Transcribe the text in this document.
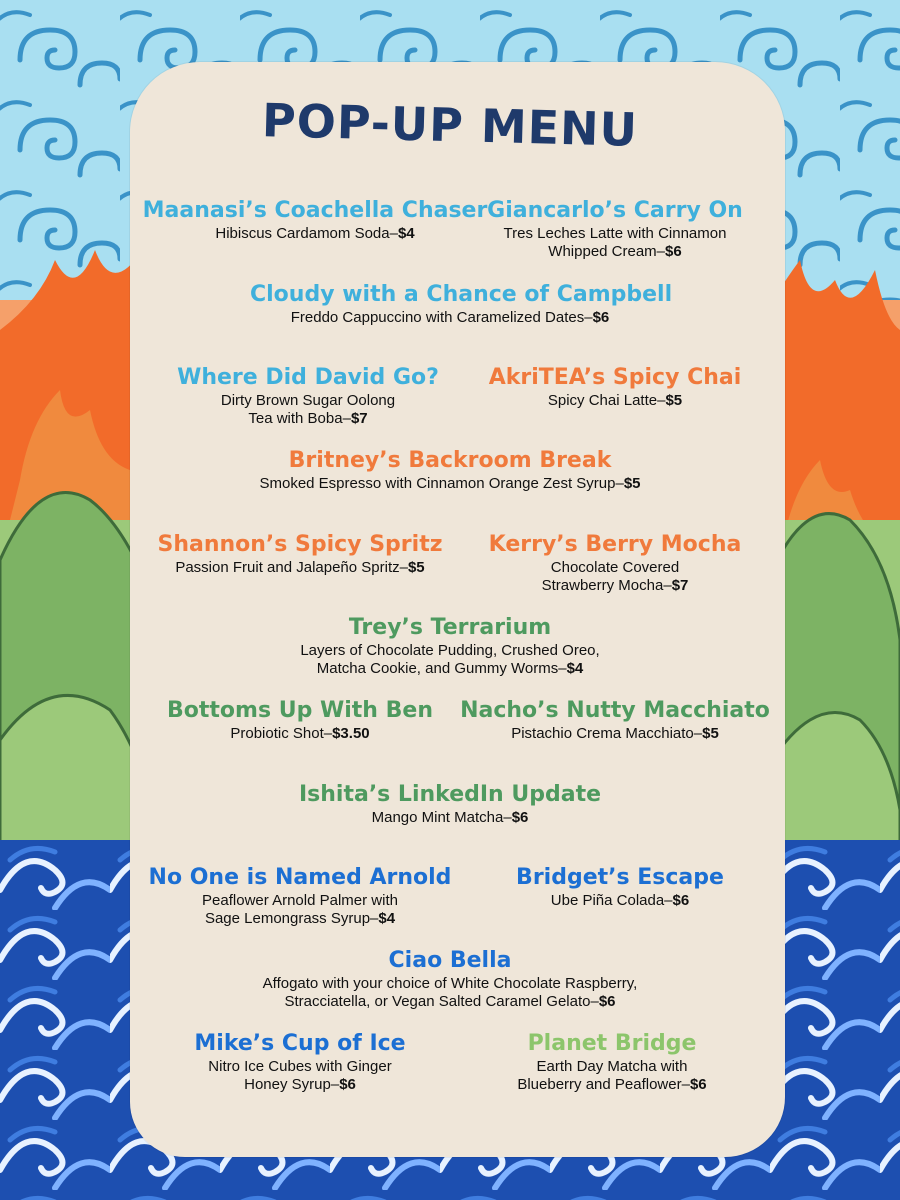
POP-UP MENU
Maanasi’s Coachella Chaser
Hibiscus Cardamom Soda–$4
Giancarlo’s Carry On
Tres Leches Latte with Cinnamon
Whipped Cream–$6
Cloudy with a Chance of Campbell
Freddo Cappuccino with Caramelized Dates–$6
Where Did David Go?
Dirty Brown Sugar Oolong
Tea with Boba–$7
AkriTEA’s Spicy Chai
Spicy Chai Latte–$5
Britney’s Backroom Break
Smoked Espresso with Cinnamon Orange Zest Syrup–$5
Shannon’s Spicy Spritz
Passion Fruit and Jalapeño Spritz–$5
Kerry’s Berry Mocha
Chocolate Covered
Strawberry Mocha–$7
Trey’s Terrarium
Layers of Chocolate Pudding, Crushed Oreo,
Matcha Cookie, and Gummy Worms–$4
Bottoms Up With Ben
Probiotic Shot–$3.50
Nacho’s Nutty Macchiato
Pistachio Crema Macchiato–$5
Ishita’s LinkedIn Update
Mango Mint Matcha–$6
No One is Named Arnold
Peaflower Arnold Palmer with
Sage Lemongrass Syrup–$4
Bridget’s Escape
Ube Piña Colada–$6
Ciao Bella
Affogato with your choice of White Chocolate Raspberry,
Stracciatella, or Vegan Salted Caramel Gelato–$6
Mike’s Cup of Ice
Nitro Ice Cubes with Ginger
Honey Syrup–$6
Planet Bridge
Earth Day Matcha with
Blueberry and Peaflower–$6
